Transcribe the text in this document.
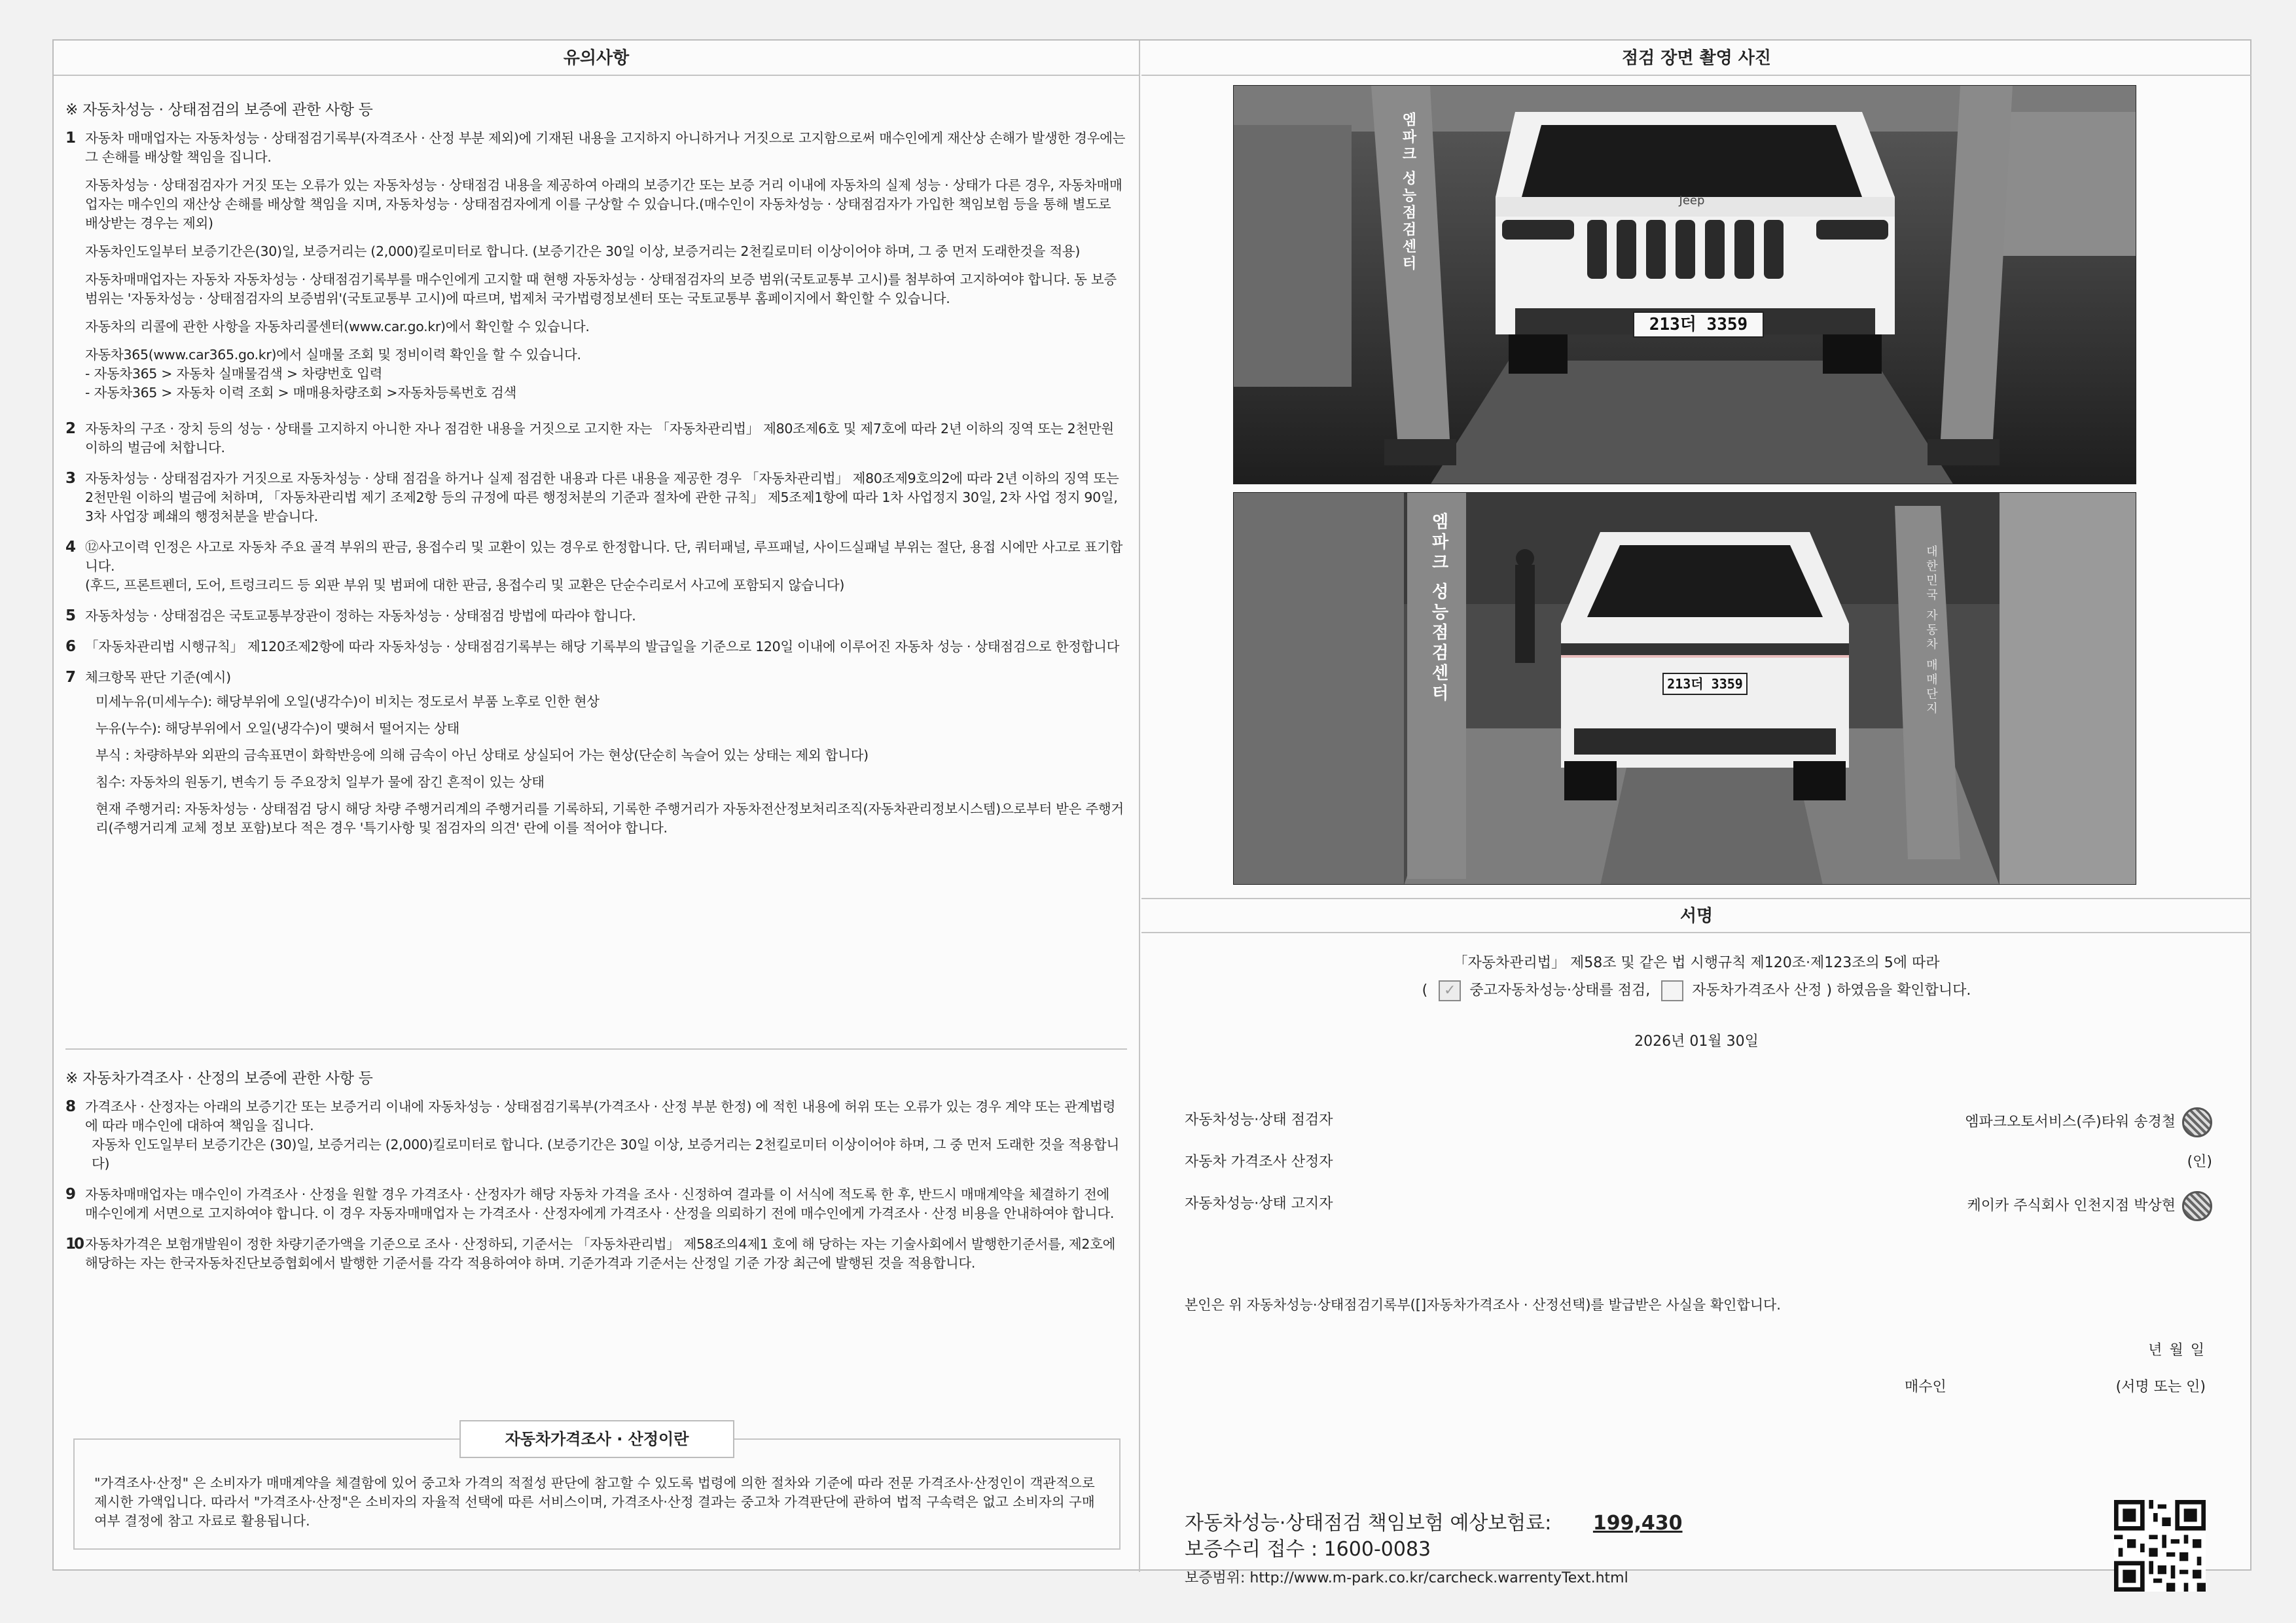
유의사항
※ 자동차성능 · 상태점검의 보증에 관한 사항 등
1 자동차 매매업자는 자동차성능 · 상태점검기록부(자격조사 · 산정 부분 제외)에 기재된 내용을 고지하지 아니하거나 거짓으로 고지함으로써 매수인에게 재산상 손해가 발생한 경우에는 그 손해를 배상할 책임을 집니다.

자동차성능 · 상태점검자가 거짓 또는 오류가 있는 자동차성능 · 상태점검 내용을 제공하여 아래의 보증기간 또는 보증 거리 이내에 자동차의 실제 성능 · 상태가 다른 경우, 자동차매매업자는 매수인의 재산상 손해를 배상할 책임을 지며, 자동차성능 · 상태점검자에게 이를 구상할 수 있습니다.(매수인이 자동차성능 · 상태점검자가 가입한 책임보험 등을 통해 별도로 배상받는 경우는 제외)

자동차인도일부터 보증기간은(30)일, 보증거리는 (2,000)킬로미터로 합니다. (보증기간은 30일 이상, 보증거리는 2천킬로미터 이상이어야 하며, 그 중 먼저 도래한것을 적용)

자동차매매업자는 자동차 자동차성능 · 상태점검기록부를 매수인에게 고지할 때 현행 자동차성능 · 상태점검자의 보증 범위(국토교통부 고시)를 첨부하여 고지하여야 합니다. 동 보증범위는 '자동차성능 · 상태점검자의 보증범위'(국토교통부 고시)에 따르며, 법제처 국가법령정보센터 또는 국토교통부 홈페이지에서 확인할 수 있습니다.

자동차의 리콜에 관한 사항을 자동차리콜센터(www.car.go.kr)에서 확인할 수 있습니다.

자동차365(www.car365.go.kr)에서 실매물 조회 및 정비이력 확인을 할 수 있습니다.

- 자동차365 > 자동차 실매물검색 > 차량번호 입력
- 자동차365 > 자동차 이력 조회 > 매매용차량조회 >자동차등록번호 검색
2 자동차의 구조 · 장치 등의 성능 · 상태를 고지하지 아니한 자나 점검한 내용을 거짓으로 고지한 자는 「자동차관리법」 제80조제6호 및 제7호에 따라 2년 이하의 징역 또는 2천만원 이하의 벌금에 처합니다.

3 자동차성능 · 상태점검자가 거짓으로 자동차성능 · 상태 점검을 하거나 실제 점검한 내용과 다른 내용을 제공한 경우 「자동차관리법」 제80조제9호의2에 따라 2년 이하의 징역 또는 2천만원 이하의 벌금에 처하며, 「자동차관리법 제기 조제2항 등의 규정에 따른 행정처분의 기준과 절차에 관한 규칙」 제5조제1항에 따라 1차 사업정지 30일, 2차 사업 정지 90일, 3차 사업장 폐쇄의 행정처분을 받습니다.

4 ⑫사고이력 인정은 사고로 자동차 주요 골격 부위의 판금, 용접수리 및 교환이 있는 경우로 한정합니다. 단, 쿼터패널, 루프패널, 사이드실패널 부위는 절단, 용접 시에만 사고로 표기합니다.

(후드, 프론트펜더, 도어, 트렁크리드 등 외판 부위 및 범퍼에 대한 판금, 용접수리 및 교환은 단순수리로서 사고에 포함되지 않습니다)
5 자동차성능 · 상태점검은 국토교통부장관이 정하는 자동차성능 · 상태점검 방법에 따라야 합니다.

6 「자동차관리법 시행규칙」 제120조제2항에 따라 자동차성능 · 상태점검기록부는 해당 기록부의 발급일을 기준으로 120일 이내에 이루어진 자동차 성능 · 상태점검으로 한정합니다

7 체크항목 판단 기준(예시)

미세누유(미세누수): 해당부위에 오일(냉각수)이 비치는 정도로서 부품 노후로 인한 현상

누유(누수): 해당부위에서 오일(냉각수)이 맺혀서 떨어지는 상태

부식 : 차량하부와 외판의 금속표면이 화학반응에 의해 금속이 아닌 상태로 상실되어 가는 현상(단순히 녹슬어 있는 상태는 제외 합니다)

침수: 자동차의 원동기, 변속기 등 주요장치 일부가 물에 잠긴 흔적이 있는 상태

현재 주행거리: 자동차성능 · 상태점검 당시 해당 차량 주행거리계의 주행거리를 기록하되, 기록한 주행거리가 자동차전산정보처리조직(자동차관리정보시스템)으로부터 받은 주행거리(주행거리계 교체 정보 포함)보다 적은 경우 '특기사항 및 점검자의 의견' 란에 이를 적어야 합니다.

※ 자동차가격조사 · 산정의 보증에 관한 사항 등
8 가격조사 · 산정자는 아래의 보증기간 또는 보증거리 이내에 자동차성능 · 상태점검기록부(가격조사 · 산정 부분 한정) 에 적힌 내용에 허위 또는 오류가 있는 경우 계약 또는 관계법령에 따라 매수인에 대하여 책임을 집니다.

자동차 인도일부터 보증기간은 (30)일, 보증거리는 (2,000)킬로미터로 합니다. (보증기간은 30일 이상, 보증거리는 2천킬로미터 이상이어야 하며, 그 중 먼저 도래한 것을 적용합니다)
9 자동차매매업자는 매수인이 가격조사 · 산정을 원할 경우 가격조사 · 산정자가 해당 자동차 가격을 조사 · 신정하여 결과를 이 서식에 적도록 한 후, 반드시 매매계약을 체결하기 전에 매수인에게 서면으로 고지하여야 합니다. 이 경우 자동자매매업자 는 가격조사 · 산정자에게 가격조사 · 산정을 의뢰하기 전에 매수인에게 가격조사 · 산정 비용을 안내하여야 합니다.

10 자동차가격은 보험개발원이 정한 차량기준가액을 기준으로 조사 · 산정하되, 기준서는 「자동차관리법」 제58조의4제1 호에 해 당하는 자는 기술사회에서 발행한기준서를, 제2호에 해당하는 자는 한국자동차진단보증협회에서 발행한 기준서를 각각 적용하여야 하며. 기준가격과 기준서는 산정일 기준 가장 최근에 발행된 것을 적용합니다.

"가격조사·산정" 은 소비자가 매매계약을 체결함에 있어 중고차 가격의 적절성 판단에 참고할 수 있도록 법령에 의한 절차와 기준에 따라 전문 가격조사·산정인이 객관적으로 제시한 가액입니다. 따라서 "가격조사·산정"은 소비자의 자율적 선택에 따른 서비스이며, 가격조사·산정 결과는 중고차 가격판단에 관하여 법적 구속력은 없고 소비자의 구매 여부 결정에 참고 자료로 활용됩니다.
자동차가격조사 · 산정이란
점검 장면 촬영 사진
213더 3359
Jeep
엠파크 성능점검센터
213더 3359
엠파크 성능점검센터	대한민국 자동차 매매단지
서명
「자동차관리법」 제58조 및 같은 법 시행규칙 제120조·제123조의 5에 따라
( ✓ 중고자동차성능·상태를 점검,	자동차가격조사 산정 ) 하였음을 확인합니다.
2026년 01월 30일
자동차성능·상태 점검자	엠파크오토서비스(주)타워 송경철
자동차 가격조사 산정자	(인)
자동차성능·상태 고지자	케이카 주식회사 인천지점 박상현
본인은 위 자동차성능·상태점검기록부([]자동차가격조사 · 산정선택)를 발급받은 사실을 확인합니다.
년 월 일
매수인	(서명 또는 인)
자동차성능·상태점검 책임보험 예상보험료: 199,430
보증수리 접수 : 1600-0083
보증범위: http://www.m-park.co.kr/carcheck.warrentyText.html
